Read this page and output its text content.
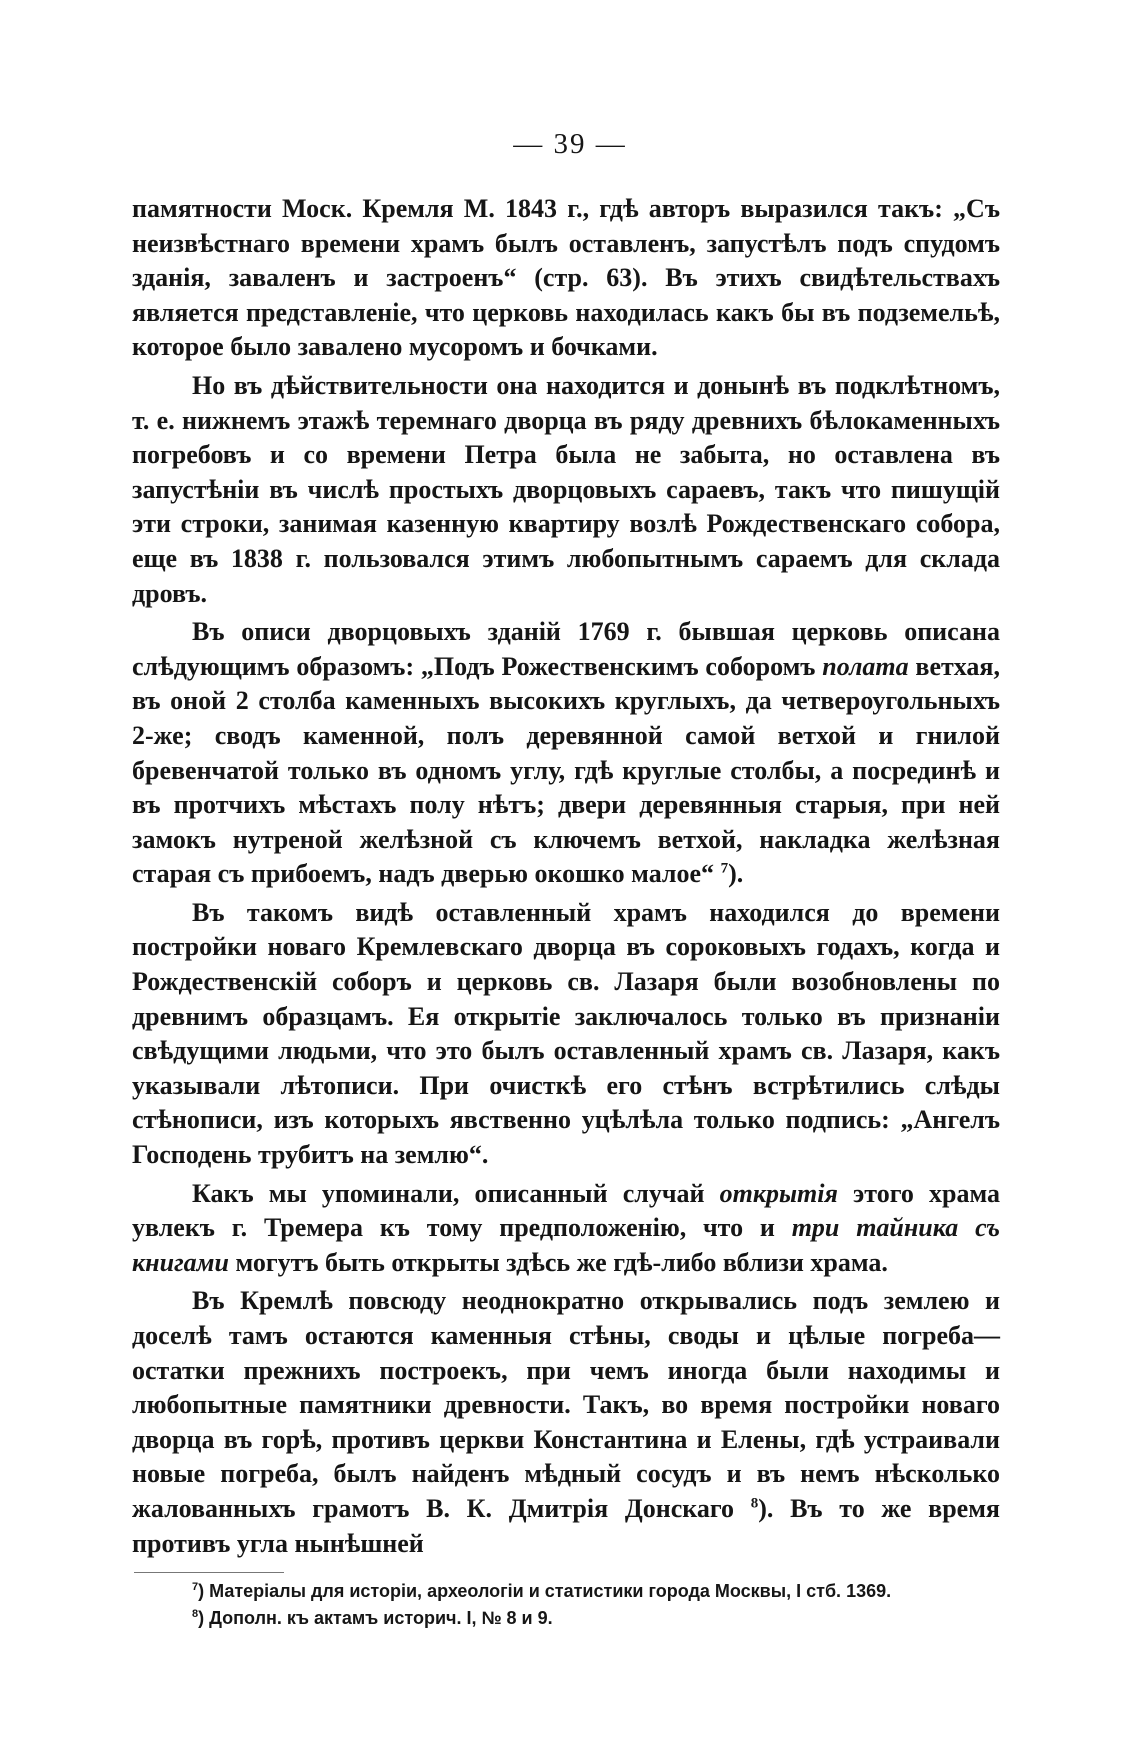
— 39 —

памятности Моск. Кремля М. 1843 г., гдѣ авторъ выразился такъ: „Съ неизвѣстнаго времени храмъ былъ оставленъ, запустѣлъ подъ спудомъ зданія, заваленъ и застроенъ“ (стр. 63). Въ этихъ свидѣтельствахъ является представленіе, что церковь находилась какъ бы въ подземельѣ, которое было завалено мусоромъ и бочками.

Но въ дѣйствительности она находится и донынѣ въ подклѣтномъ, т. е. нижнемъ этажѣ теремнаго дворца въ ряду древнихъ бѣлокаменныхъ погребовъ и со времени Петра была не забыта, но оставлена въ запустѣніи въ числѣ простыхъ дворцовыхъ сараевъ, такъ что пишущій эти строки, занимая казенную квартиру возлѣ Рождественскаго собора, еще въ 1838 г. пользовался этимъ любопытнымъ сараемъ для склада дровъ.

Въ описи дворцовыхъ зданій 1769 г. бывшая церковь описана слѣдующимъ образомъ: „Подъ Рожественскимъ соборомъ полата ветхая, въ оной 2 столба каменныхъ высокихъ круглыхъ, да четвероугольныхъ 2-же; сводъ каменной, полъ деревянной самой ветхой и гнилой бревенчатой только въ одномъ углу, гдѣ круглые столбы, а посрединѣ и въ протчихъ мѣстахъ полу нѣтъ; двери деревянныя старыя, при ней замокъ нутреной желѣзной съ ключемъ ветхой, накладка желѣзная старая съ прибоемъ, надъ дверью окошко малое“ $^7$).

Въ такомъ видѣ оставленный храмъ находился до времени постройки новаго Кремлевскаго дворца въ сороковыхъ годахъ, когда и Рождественскій соборъ и церковь св. Лазаря были возобновлены по древнимъ образцамъ. Ея открытіе заключалось только въ признаніи свѣдущими людьми, что это былъ оставленный храмъ св. Лазаря, какъ указывали лѣтописи. При очисткѣ его стѣнъ встрѣтились слѣды стѣнописи, изъ которыхъ явственно уцѣлѣла только подпись: „Ангелъ Господень трубитъ на землю“.

Какъ мы упоминали, описанный случай открытія этого храма увлекъ г. Тремера къ тому предположенію, что и три тайника съ книгами могутъ быть открыты здѣсь же гдѣ-либо вблизи храма.

Въ Кремлѣ повсюду неоднократно открывались подъ землею и доселѣ тамъ остаются каменныя стѣны, своды и цѣлые погреба—остатки прежнихъ построекъ, при чемъ иногда были находимы и любопытные памятники древности. Такъ, во время постройки новаго дворца въ горѣ, противъ церкви Константина и Елены, гдѣ устраивали новые погреба, былъ найденъ мѣдный сосудъ и въ немъ нѣсколько жалованныхъ грамотъ В. К. Дмитрія Донскаго $^8$). Въ то же время противъ угла нынѣшней

$^7$) Матеріалы для исторіи, археологіи и статистики города Москвы, I стб. 1369.
$^8$) Дополн. къ актамъ историч. I, № 8 и 9.
